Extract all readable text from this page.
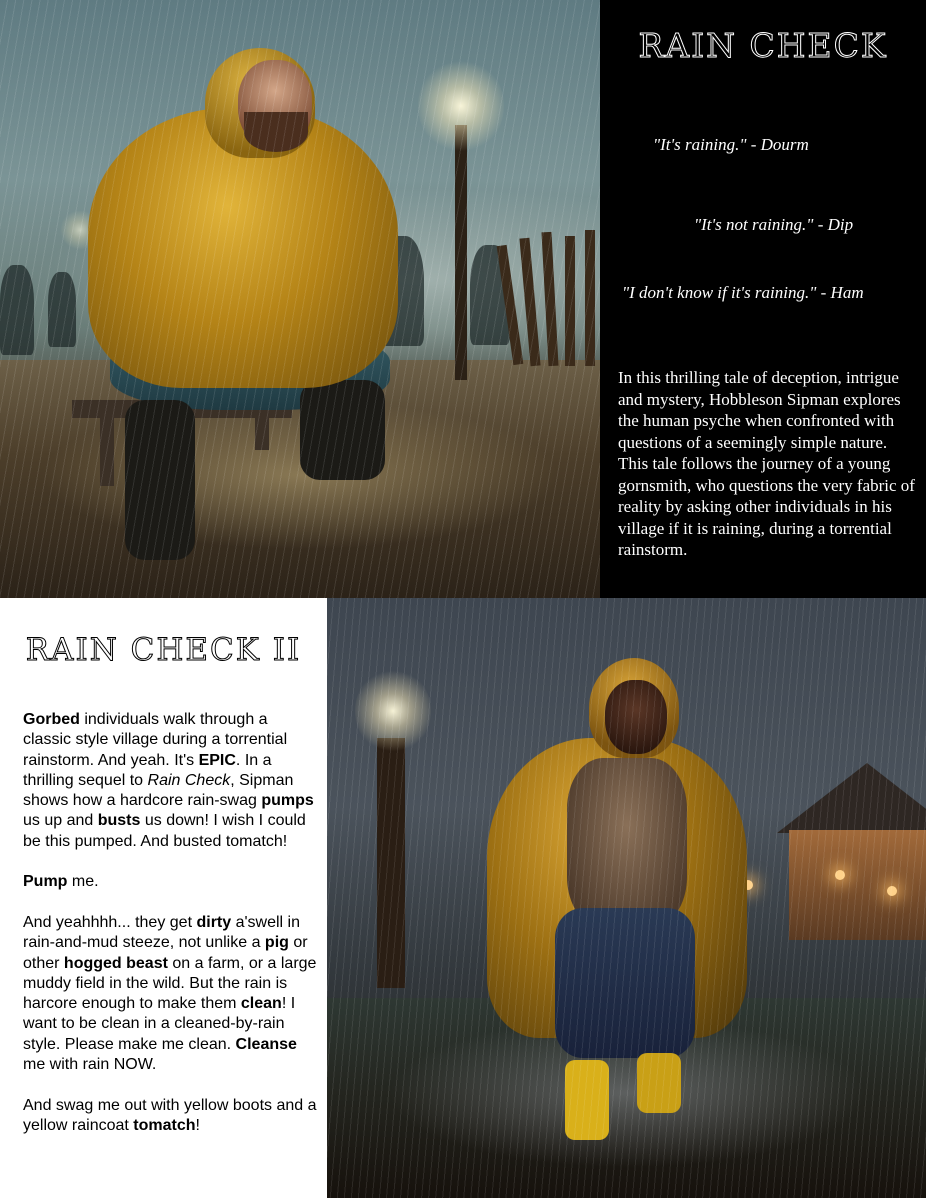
RAIN CHECK
"It's raining." - Dourm
"It's not raining." - Dip
"I don't know if it's raining." - Ham
In this thrilling tale of deception, intrigue and mystery, Hobbleson Sipman explores the human psyche when confronted with questions of a seemingly simple nature. This tale follows the journey of a young gornsmith, who questions the very fabric of reality by asking other individuals in his village if it is raining, during a torrential rainstorm.
RAIN CHECK II

Gorbed individuals walk through a classic style village during a torrential rainstorm. And yeah. It's EPIC. In a thrilling sequel to Rain Check, Sipman shows how a hardcore rain-swag pumps us up and busts us down! I wish I could be this pumped. And busted tomatch!

Pump me.

And yeahhhh... they get dirty a'swell in rain-and-mud steeze, not unlike a pig or other hogged beast on a farm, or a large muddy field in the wild. But the rain is harcore enough to make them clean! I want to be clean in a cleaned-by-rain style. Please make me clean. Cleanse me with rain NOW.

And swag me out with yellow boots and a yellow raincoat tomatch!
